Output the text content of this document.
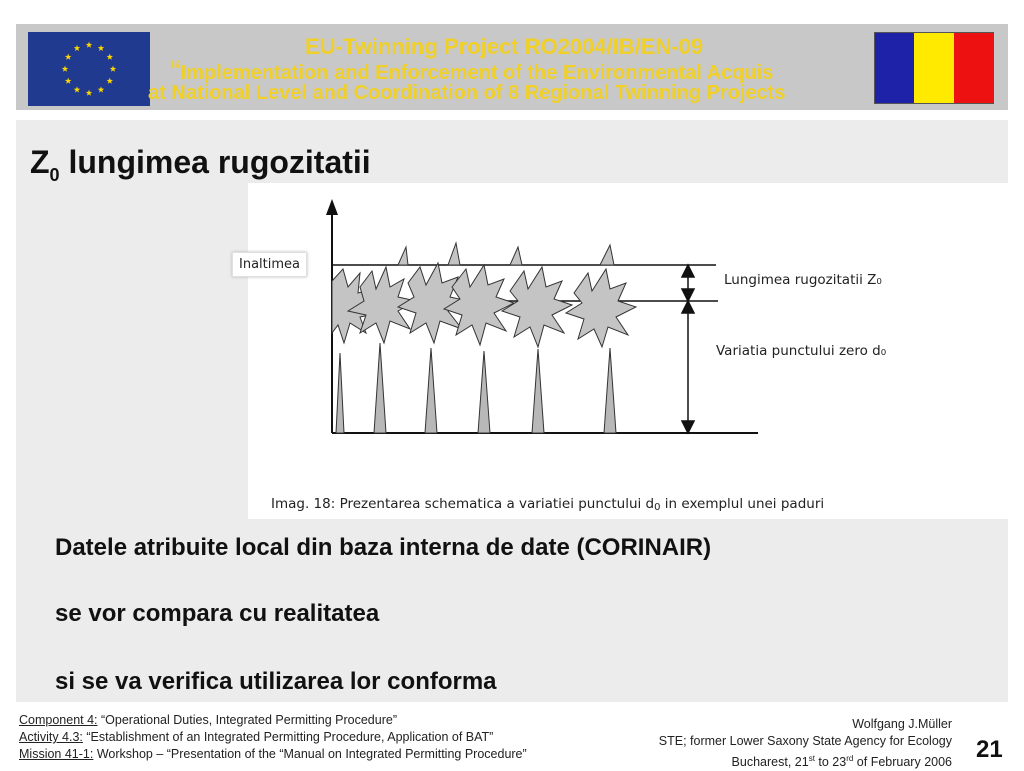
EU-Twinning Project RO2004/IB/EN-09
“Implementation and Enforcement of the Environmental Acquis
at National Level and Coordination of 8 Regional Twinning Projects
$Z_0$ lungimea rugozitatii
Inaltimea
Lungimea rugozitatii Z₀
Variatia punctului zero d₀
Imag. 18: Prezentarea schematica a variatiei punctului d0 in exemplul unei paduri
Datele atribuite local din baza interna de date (CORINAIR)
se vor compara cu realitatea
si se va verifica utilizarea lor conforma
Component 4: “Operational Duties, Integrated Permitting Procedure”
Activity 4.3: “Establishment of an Integrated Permitting Procedure, Application of BAT”
Mission 41-1: Workshop – “Presentation of the “Manual on Integrated Permitting Procedure”
Wolfgang J.Müller
STE; former Lower Saxony State Agency for Ecology
Bucharest, 21st to 23rd of February 2006 21
